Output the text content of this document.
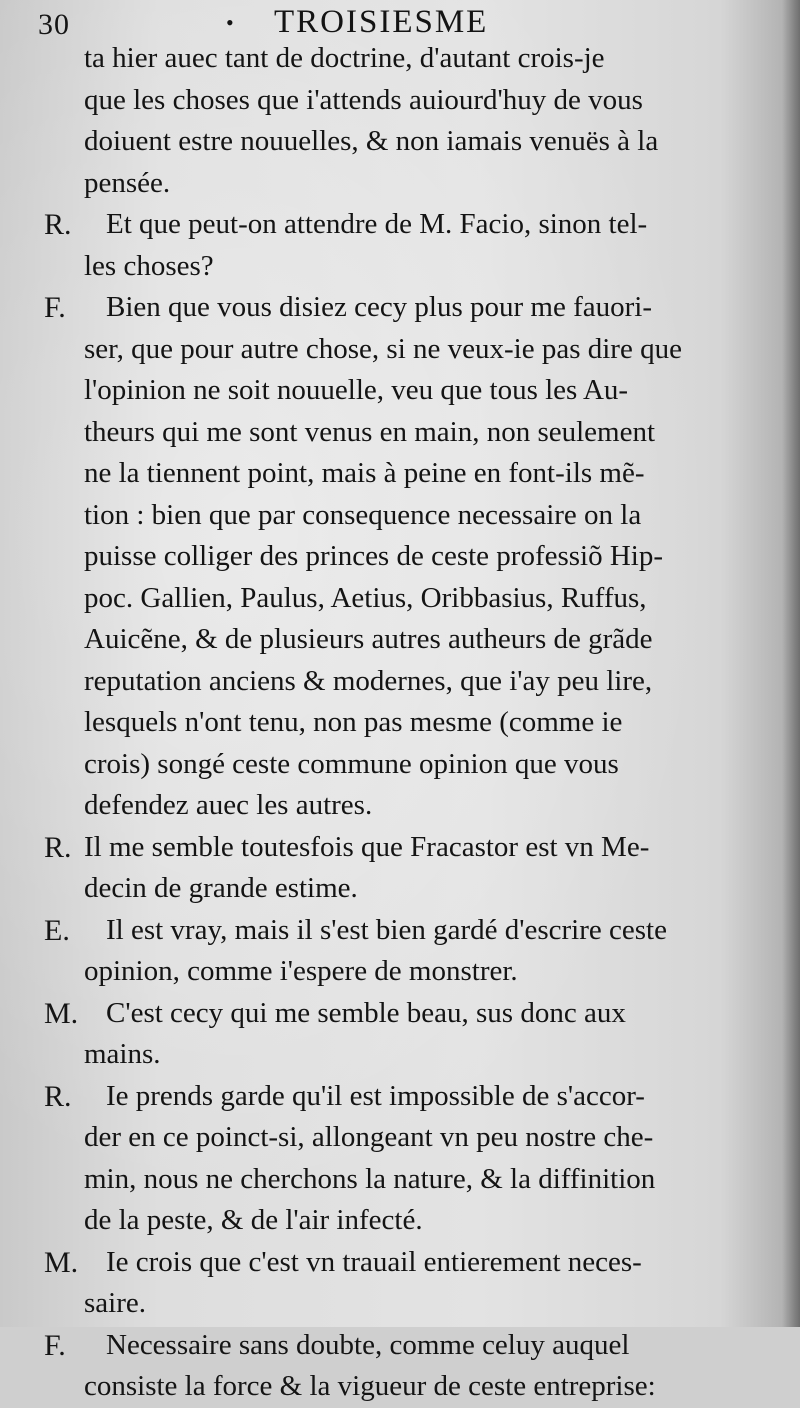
30	• TROISIESME
ta hier auec tant de doctrine, d'autant crois-je
que les choses que i'attends auiourd'huy de vous
doiuent estre nouuelles, & non iamais venuës à la
pensée.
R. Et que peut-on attendre de M. Facio, sinon tel-
les choses?
F. Bien que vous disiez cecy plus pour me fauori-
ser, que pour autre chose, si ne veux-ie pas dire que
l'opinion ne soit nouuelle, veu que tous les Au-
theurs qui me sont venus en main, non seulement
ne la tiennent point, mais à peine en font-ils mẽ-
tion : bien que par consequence necessaire on la
puisse colliger des princes de ceste professiõ Hip-
poc. Gallien, Paulus, Aetius, Oribbasius, Ruffus,
Auicẽne, & de plusieurs autres autheurs de grãde
reputation anciens & modernes, que i'ay peu lire,
lesquels n'ont tenu, non pas mesme (comme ie
crois) songé ceste commune opinion que vous
defendez auec les autres.
R. Il me semble toutesfois que Fracastor est vn Me-
decin de grande estime.
E. Il est vray, mais il s'est bien gardé d'escrire ceste
opinion, comme i'espere de monstrer.
M. C'est cecy qui me semble beau, sus donc aux
mains.
R. Ie prends garde qu'il est impossible de s'accor-
der en ce poinct-si, allongeant vn peu nostre che-
min, nous ne cherchons la nature, & la diffinition
de la peste, & de l'air infecté.
M. Ie crois que c'est vn trauail entierement neces-
saire.
F. Necessaire sans doubte, comme celuy auquel
consiste la force & la vigueur de ceste entreprise:
